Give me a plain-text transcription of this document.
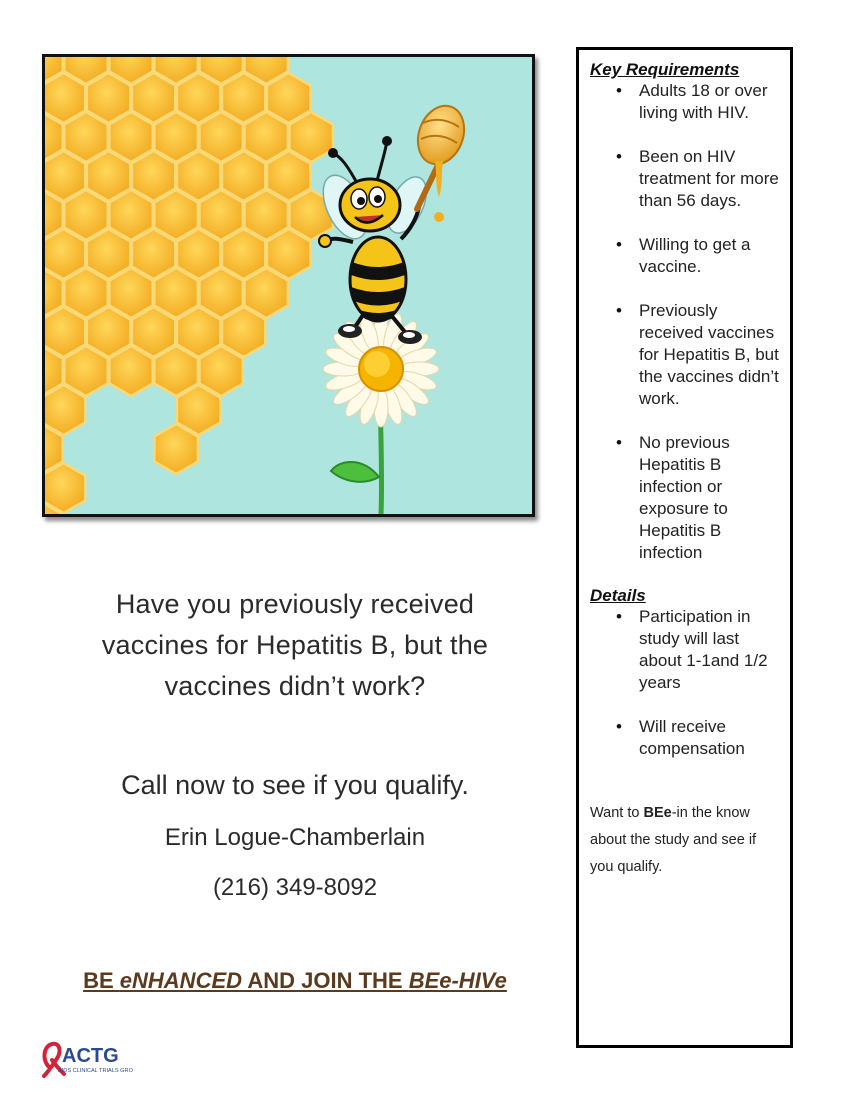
Have you previously received vaccines for Hepatitis B, but the vaccines didn’t work?
Call now to see if you qualify.
Erin Logue-Chamberlain
(216) 349-8092
BE eNHANCED AND JOIN THE BEe-HIVe
ACTG
AIDS CLINICAL TRIALS GROUP

Key Requirements

• Adults 18 or over living with HIV.
• Been on HIV treatment for more than 56 days.
• Willing to get a vaccine.
• Previously received vaccines for Hepatitis B, but the vaccines didn’t work.
• No previous Hepatitis B infection or exposure to Hepatitis B infection

Details

• Participation in study will last about 1-1and 1/2 years
• Will receive compensation
Want to BEe-in the know about the study and see if you qualify.
